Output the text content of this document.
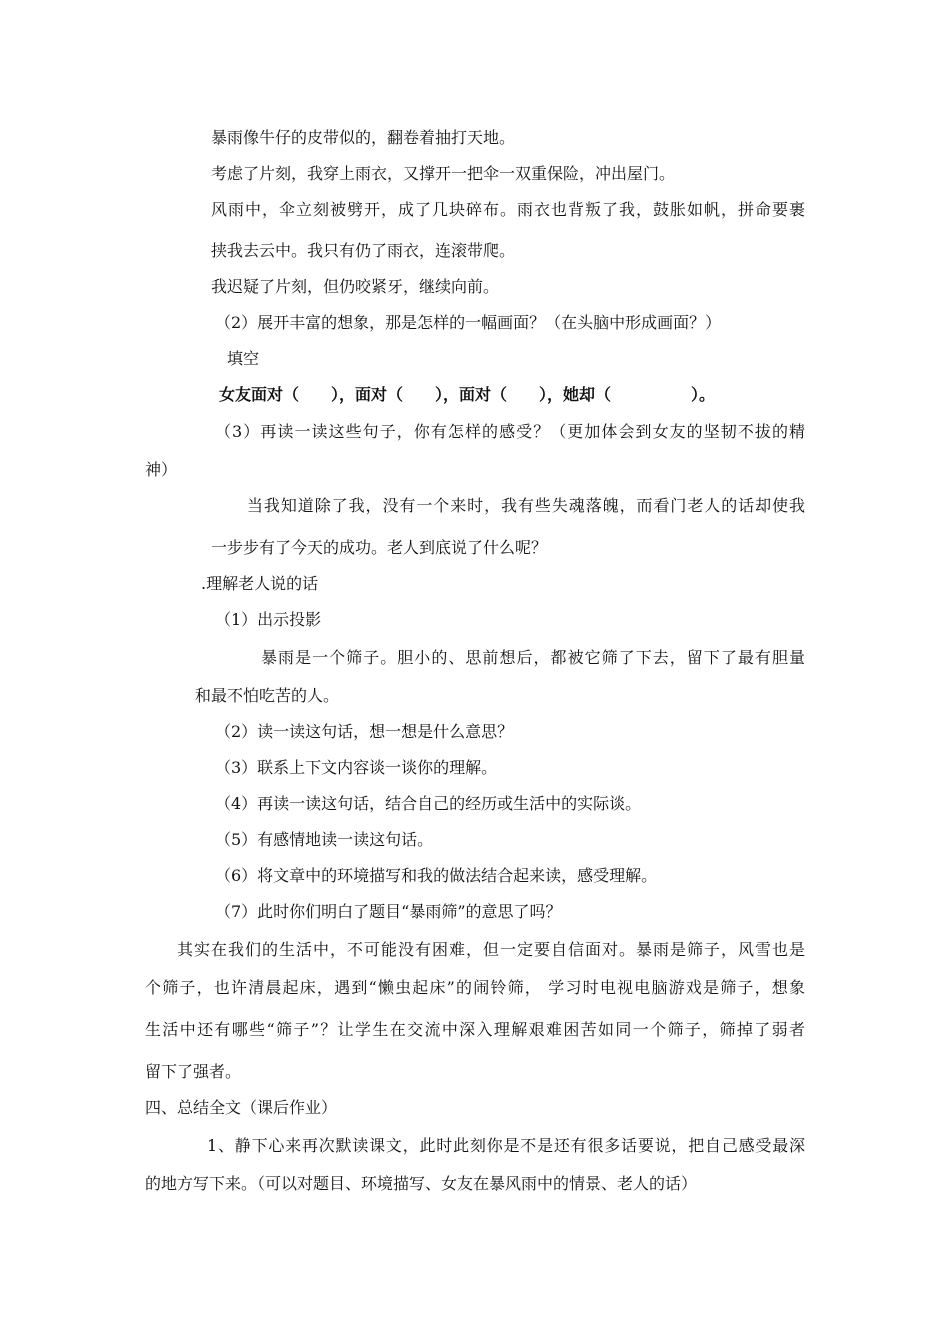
暴雨像牛仔的皮带似的，翻卷着抽打天地。
考虑了片刻，我穿上雨衣，又撑开一把伞一双重保险，冲出屋门。
风雨中，伞立刻被劈开，成了几块碎布。雨衣也背叛了我，鼓胀如帆，拼命要裹
挟我去云中。我只有仍了雨衣，连滚带爬。
我迟疑了片刻，但仍咬紧牙，继续向前。
（2）展开丰富的想象，那是怎样的一幅画面？（在头脑中形成画面？）
填空
女友面对（　　），面对（　　），面对（　　），她却（　　　　　）。
（3）再读一读这些句子，你有怎样的感受？（更加体会到女友的坚韧不拔的精
神）
当我知道除了我，没有一个来时，我有些失魂落魄，而看门老人的话却使我
一步步有了今天的成功。老人到底说了什么呢？
.理解老人说的话
（1）出示投影
暴雨是一个筛子。胆小的、思前想后，都被它筛了下去，留下了最有胆量
和最不怕吃苦的人。
（2）读一读这句话，想一想是什么意思？
（3）联系上下文内容谈一谈你的理解。
（4）再读一读这句话，结合自己的经历或生活中的实际谈。
（5）有感情地读一读这句话。
（6）将文章中的环境描写和我的做法结合起来读，感受理解。
（7）此时你们明白了题目“暴雨筛”的意思了吗？
其实在我们的生活中，不可能没有困难，但一定要自信面对。暴雨是筛子，风雪也是
个筛子，也许清晨起床，遇到“懒虫起床”的闹铃筛， 学习时电视电脑游戏是筛子，想象
生活中还有哪些“筛子”？让学生在交流中深入理解艰难困苦如同一个筛子，筛掉了弱者
留下了强者。
四、总结全文（课后作业）
1、静下心来再次默读课文，此时此刻你是不是还有很多话要说，把自己感受最深
的地方写下来。（可以对题目、环境描写、女友在暴风雨中的情景、老人的话）
